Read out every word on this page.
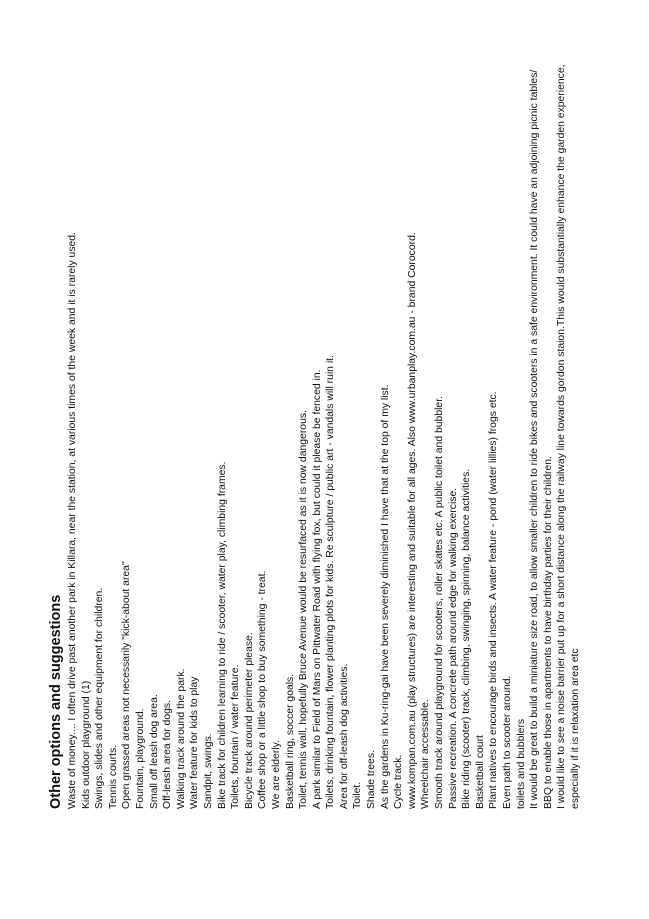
Other options and suggestions Waste of money.... I often drive past another park in Killara, near the station, at various times of the week and it is rarely used. Kids outdoor playground (1) Swings, slides and other equipment for children. Tennis courts. Open grassed areas not necessarily "kick-about area" Fountain, playground. Small off leash dog area. Off-leash area for dogs. Walking track around the park. Water feature for kids to play Sandpit, swings. Bike track for children learning to ride / scooter, water play, climbing frames. Toilets, fountain / water feature. Bicycle track around perimeter please. Coffee shop or a little shop to buy something - treat. We are elderly. Basketball ring, soccer goals. Toilet, tennis wall, hopefully Bruce Avenue would be resurfaced as it is now dangerous. A park similar to Field of Mars on Pittwater Road with flying fox, but could it please be fenced in. Toilets, drinking fountain, flower planting plots for kids. Re sculpture / public art - vandals will ruin it. Area for off-leash dog activities. Toilet. Shade trees. As the gardens in Ku-ring-gai have been severely diminished I have that at the top of my list. Cycle track. www.kompan.com.au (play structures) are interesting and suitable for all ages. Also www.urbanplay.com.au - brand Corocord. Wheelchair accessable. Smooth track around playground for scooters, roller skates etc. A public toilet and bubbler. Passive recreation. A concrete path around edge for walking exercise. Bike riding (scooter) track, climbing, swinging, spinning, balance activities. Basketball court Plant natives to encourage birds and insects. A water feature - pond (water lillies) frogs etc. Even path to scooter around. toilets and bubblers It would be great to build a miniature size road, to allow smaller children to ride bikes and scooters in a safe environment. It could have an adjoining picnic tables/ BBQ to enable those in apartments to have birthday parties for their children. I would like to see a noise barrier put up for a short distance along the railway line towards gordon staion.This would substantially enhance the garden experience, especially if it is relaxation area etc
